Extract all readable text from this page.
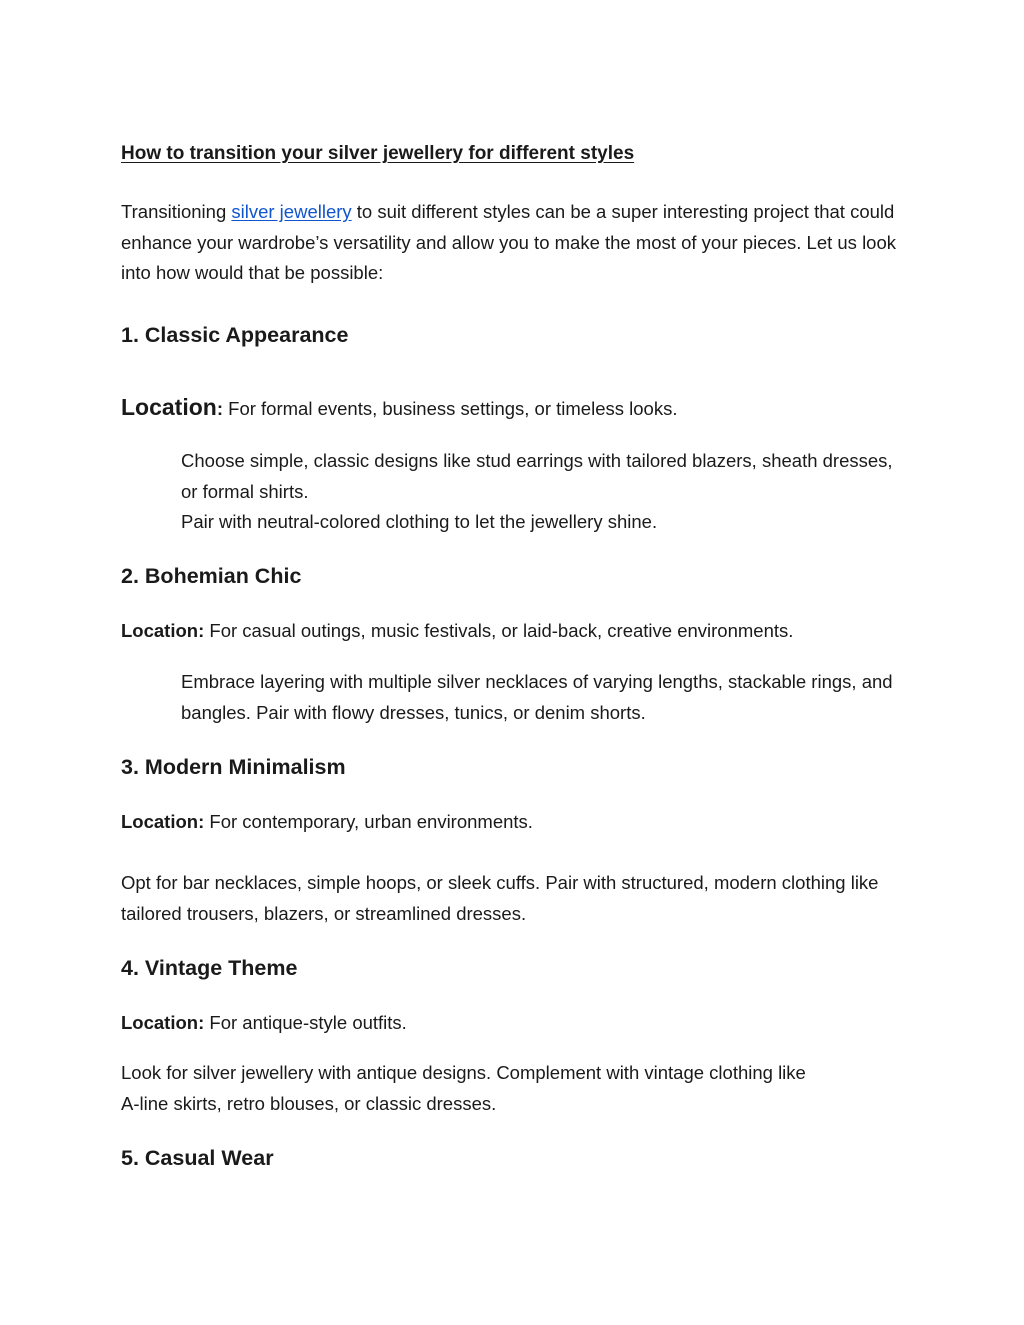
How to transition your silver jewellery for different styles

Transitioning silver jewellery to suit different styles can be a super interesting project that could enhance your wardrobe’s versatility and allow you to make the most of your pieces. Let us look into how would that be possible:

1. Classic Appearance

Location: For formal events, business settings, or timeless looks.

Choose simple, classic designs like stud earrings with tailored blazers, sheath dresses, or formal shirts.

Pair with neutral-colored clothing to let the jewellery shine.

2. Bohemian Chic

Location: For casual outings, music festivals, or laid-back, creative environments.

Embrace layering with multiple silver necklaces of varying lengths, stackable rings, and bangles. Pair with flowy dresses, tunics, or denim shorts.

3. Modern Minimalism

Location: For contemporary, urban environments.

Opt for bar necklaces, simple hoops, or sleek cuffs. Pair with structured, modern clothing like tailored trousers, blazers, or streamlined dresses.

4. Vintage Theme

Location: For antique-style outfits.

Look for silver jewellery with antique designs. Complement with vintage clothing like

A-line skirts, retro blouses, or classic dresses.

5. Casual Wear
